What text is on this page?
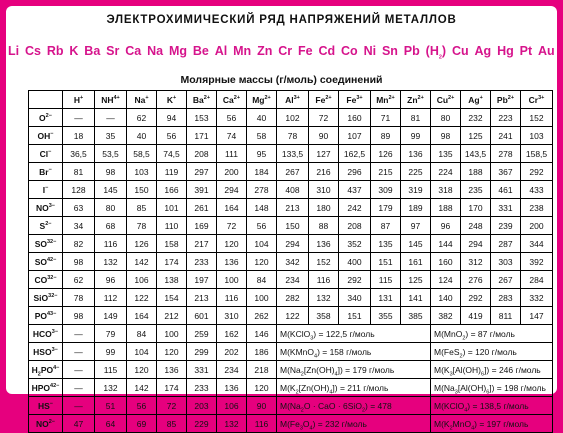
ЭЛЕКТРОХИМИЧЕСКИЙ РЯД НАПРЯЖЕНИЙ МЕТАЛЛОВ
Li Cs Rb K Ba Sr Ca Na Mg Be Al Mn Zn Cr Fe Cd Co Ni Sn Pb $(H_2)$ Cu Ag Hg Pt Au
Молярные массы (г/моль) соединений
	H+	$NH^{4+}$	Na+	K+	$Ba^{2+}$	$Ca^{2+}$	$Mg^{2+}$	$Al^{3+}$	$Fe^{2+}$	$Fe^{3+}$	$Mn^{2+}$	$Zn^{2+}$	$Cu^{2+}$	Ag+	$Pb^{2+}$	$Cr^{3+}$
$O^{2-}$	—	—	62	94	153	56	40	102	72	160	71	81	80	232	223	152
OH−	18	35	40	56	171	74	58	78	90	107	89	99	98	125	241	103
Cl−	36,5	53,5	58,5	74,5	208	111	95	133,5	127	162,5	126	136	135	143,5	278	158,5
Br−	81	98	103	119	297	200	184	267	216	296	215	225	224	188	367	292
I−	128	145	150	166	391	294	278	408	310	437	309	319	318	235	461	433
$NO^{3-}$	63	80	85	101	261	164	148	213	180	242	179	189	188	170	331	238
$S^{2-}$	34	68	78	110	169	72	56	150	88	208	87	97	96	248	239	200
$SO^{32-}$	82	116	126	158	217	120	104	294	136	352	135	145	144	294	287	344
$SO^{42-}$	98	132	142	174	233	136	120	342	152	400	151	161	160	312	303	392
$CO^{32-}$	62	96	106	138	197	100	84	234	116	292	115	125	124	276	267	284
SiO$^{32-}$	78	112	122	154	213	116	100	282	132	340	131	141	140	292	283	332
$PO^{43-}$	98	149	164	212	601	310	262	122	358	151	355	385	382	419	811	147
$HCO^{3-}$	—	79	84	100	259	162	146	M(KClO$_3$) = 122,5 г/моль					M(MnO$_2$) = 87 г/моль			
$HSO^{3-}$	—	99	104	120	299	202	186	M(KMnO$_4$) = 158 г/моль					M(FeS$_2$) = 120 г/моль			
$H_2PO^{4-}$	—	115	120	136	331	234	218	$M(Na_2[Zn(OH)_4]) = 179$ г/моль					$M(K_3[Al(OH)_6]) = 246$ г/моль			
$HPO^{42-}$	—	132	142	174	233	136	120	$M(K_2[Zn(OH)_4]) = 211$ г/моль					$M(Na_3[Al(OH)_6]) = 198$ г/моль			
HS−	—	51	56	72	203	106	90	$M(Na_2O$ · CaO · 6SiO$_2$) = 478					M(KClO$_4$) = 138,5 г/моль			
$NO^{2-}$	47	64	69	85	229	132	116	$M(Fe_3O_4) = 232$ г/моль					$M(K_2MnO_4) = 197$ г/моль			
